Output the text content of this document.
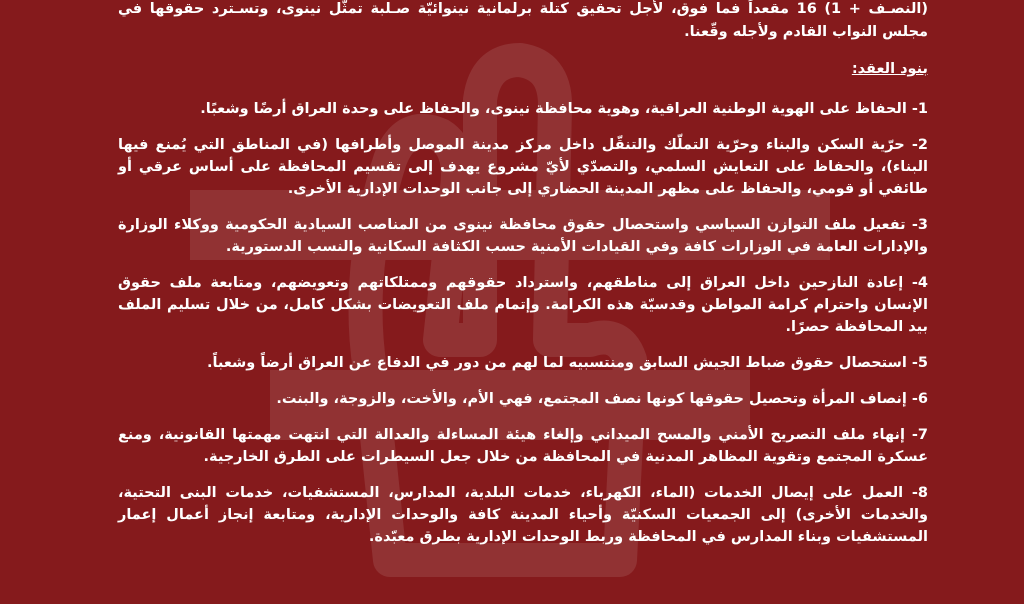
(النصـف + 1) 16 مقعداً فما فوق، لأجل تحقيق كتلة برلمانية نينوائيّة صـلبة تمثّل نينوى، وتسـترد حقوقها في مجلس النواب القادم ولأجله وقّعنا.

بنود العقد:

1- الحفاظ على الهوية الوطنية العراقية، وهوية محافظة نينوى، والحفاظ على وحدة العراق أرضًا وشعبًا.

2- حرّية السكن والبناء وحرّية التملّك والتنقّل داخل مركز مدينة الموصل وأطرافها (في المناطق التي يُمنع فيها البناء)، والحفاظ على التعايش السلمي، والتصدّي لأيّ مشروع يهدف إلى تقسيم المحافظة على أساس عرقي أو طائفي أو قومي، والحفاظ على مظهر المدينة الحضاري إلى جانب الوحدات الإدارية الأخرى.

3- تفعيل ملف التوازن السياسي واستحصال حقوق محافظة نينوى من المناصب السيادية الحكومية ووكلاء الوزارة والإدارات العامة في الوزارات كافة وفي القيادات الأمنية حسب الكثافة السكانية والنسب الدستورية.

4- إعادة النازحين داخل العراق إلى مناطقهم، واسترداد حقوقهم وممتلكاتهم وتعويضهم، ومتابعة ملف حقوق الإنسان واحترام كرامة المواطن وقدسيّة هذه الكرامة. وإتمام ملف التعويضات بشكل كامل، من خلال تسليم الملف بيد المحافظة حصرًا.

5- استحصال حقوق ضباط الجيش السابق ومنتسبيه لما لهم من دور في الدفاع عن العراق أرضاً وشعباً.

6- إنصاف المرأة وتحصيل حقوقها كونها نصف المجتمع، فهي الأم، والأخت، والزوجة، والبنت.

7- إنهاء ملف التصريح الأمني والمسح الميداني وإلغاء هيئة المساءلة والعدالة التي انتهت مهمتها القانونية، ومنع عسكرة المجتمع وتقوية المظاهر المدنية في المحافظة من خلال جعل السيطرات على الطرق الخارجية.

8- العمل على إيصال الخدمات (الماء، الكهرباء، خدمات البلدية، المدارس، المستشفيات، خدمات البنى التحتية، والخدمات الأخرى) إلى الجمعيات السكنيّة وأحياء المدينة كافة والوحدات الإدارية، ومتابعة إنجاز أعمال إعمار المستشفيات وبناء المدارس في المحافظة وربط الوحدات الإدارية بطرق معبّدة.
